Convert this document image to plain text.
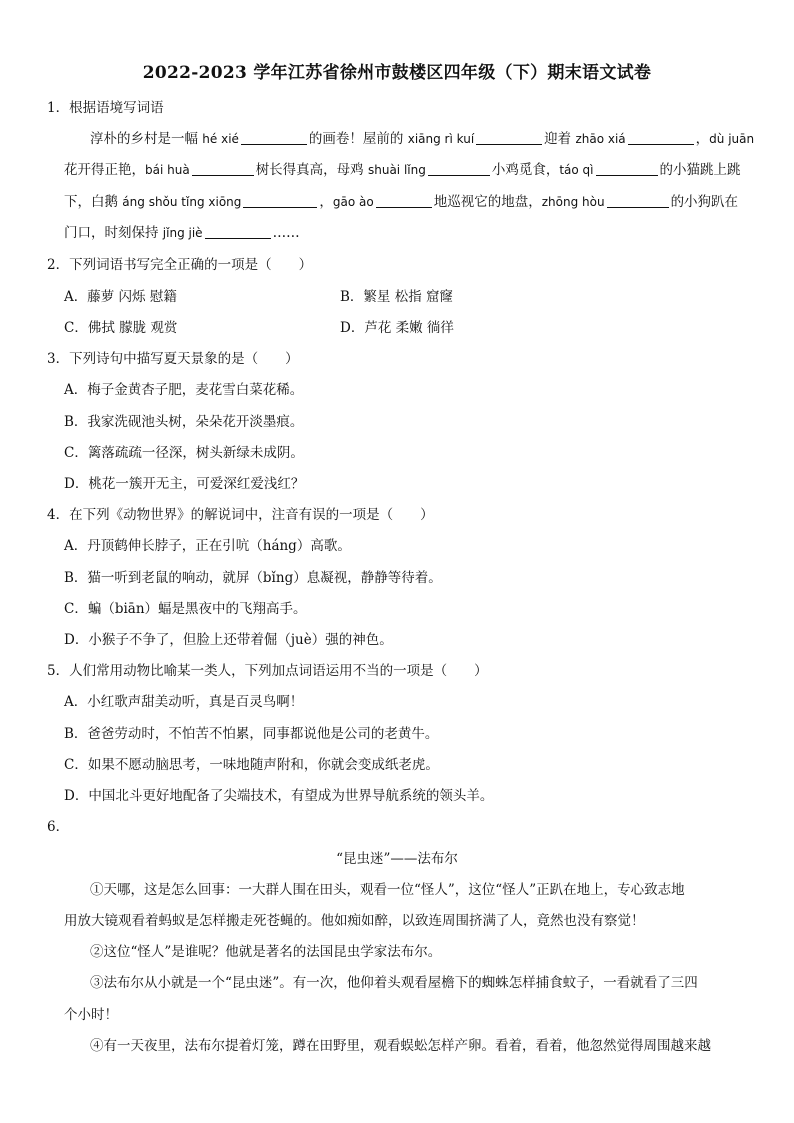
2022-2023 学年江苏省徐州市鼓楼区四年级（下）期末语文试卷
1．根据语境写词语
淳朴的乡村是一幅 hé xié	的画卷！屋前的 xiāng rì kuí	迎着 zhāo xiá	，dù juān
花开得正艳，bái huà	树长得真高，母鸡 shuài lǐng	小鸡觅食，táo qì	的小猫跳上跳
下，白鹅 áng shǒu tǐng xiōng	，gāo ào	地巡视它的地盘，zhōng hòu	的小狗趴在
门口，时刻保持 jǐng jiè	……
2．下列词语书写完全正确的一项是（　　）
A．藤萝 闪烁 慰籍	B．繁星 松指 窟窿
C．佛拭 朦胧 观赏	D．芦花 柔嫩 徜徉
3．下列诗句中描写夏天景象的是（　　）
A．梅子金黄杏子肥，麦花雪白菜花稀。
B．我家洗砚池头树，朵朵花开淡墨痕。
C．篱落疏疏一径深，树头新绿未成阴。
D．桃花一簇开无主，可爱深红爱浅红？
4．在下列《动物世界》的解说词中，注音有误的一项是（　　）
A．丹顶鹤伸长脖子，正在引吭（háng）高歌。
B．猫一听到老鼠的响动，就屏（bǐng）息凝视，静静等待着。
C．蝙（biān）蝠是黑夜中的飞翔高手。
D．小猴子不争了，但脸上还带着倔（juè）强的神色。
5．人们常用动物比喻某一类人，下列加点词语运用不当的一项是（　　）
A．小红歌声甜美动听，真是百灵鸟啊！
B．爸爸劳动时，不怕苦不怕累，同事都说他是公司的老黄牛。
C．如果不愿动脑思考，一味地随声附和，你就会变成纸老虎。
D．中国北斗更好地配备了尖端技术，有望成为世界导航系统的领头羊。
6．
“昆虫迷”——法布尔
①天哪，这是怎么回事：一大群人围在田头，观看一位“怪人”，这位“怪人”正趴在地上，专心致志地
用放大镜观看着蚂蚁是怎样搬走死苍蝇的。他如痴如醉，以致连周围挤满了人，竟然也没有察觉！
②这位“怪人”是谁呢？他就是著名的法国昆虫学家法布尔。
③法布尔从小就是一个“昆虫迷”。有一次，他仰着头观看屋檐下的蜘蛛怎样捕食蚊子，一看就看了三四
个小时！
④有一天夜里，法布尔提着灯笼，蹲在田野里，观看蜈蚣怎样产卵。看着，看着，他忽然觉得周围越来越
